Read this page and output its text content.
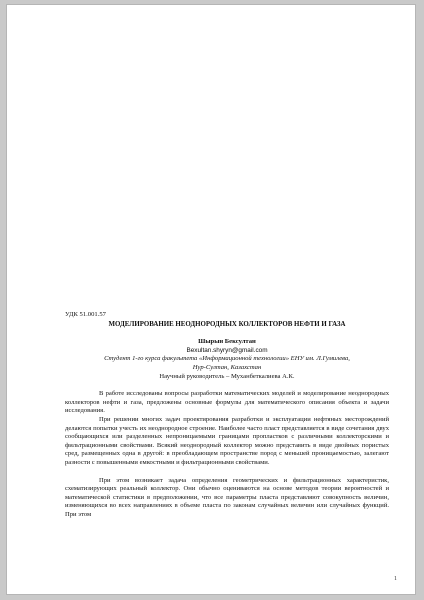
УДК 51.001.57

МОДЕЛИРОВАНИЕ НЕОДНОРОДНЫХ КОЛЛЕКТОРОВ НЕФТИ И ГАЗА

Шырын Бексултан
Bexultan.shyryn@gmail.com
Студент 1-го курса факультета «Информационной технологии» ЕНУ им. Л.Гумилева,
Нур-Султан, Казахстан
Научный руководитель – Муханбеткалиева А.К.

В работе исследованы вопросы разработки математических моделей и моделирование неоднородных коллекторов нефти и газа, предложены основные формулы для математического описания объекта и задачи исследования.

При решении многих задач проектирования разработки и эксплуатации нефтяных месторождений делаются попытки учесть их неоднородное строение. Наиболее часто пласт представляется в виде сочетания двух сообщающихся или разделенных непроницаемыми границами пропластков с различными коллекторскими и фильтрационными свойствами. Всякий неоднородный коллектор можно представить в виде двойных пористых сред, размещенных одна в другой: в преобладающем пространстве пород с меньшей проницаемостью, залегают разности с повышенными емкостными и фильтрационными свойствами.

При этом возникает задача определения геометрических и фильтрационных характеристик, схематизирующих реальный коллектор. Они обычно оцениваются на основе методов теории вероятностей и математической статистики в предположении, что все параметры пласта представляют совокупность величин, изменяющихся во всех направлениях в объеме пласта по законам случайных величин или случайных функций. При этом

1
